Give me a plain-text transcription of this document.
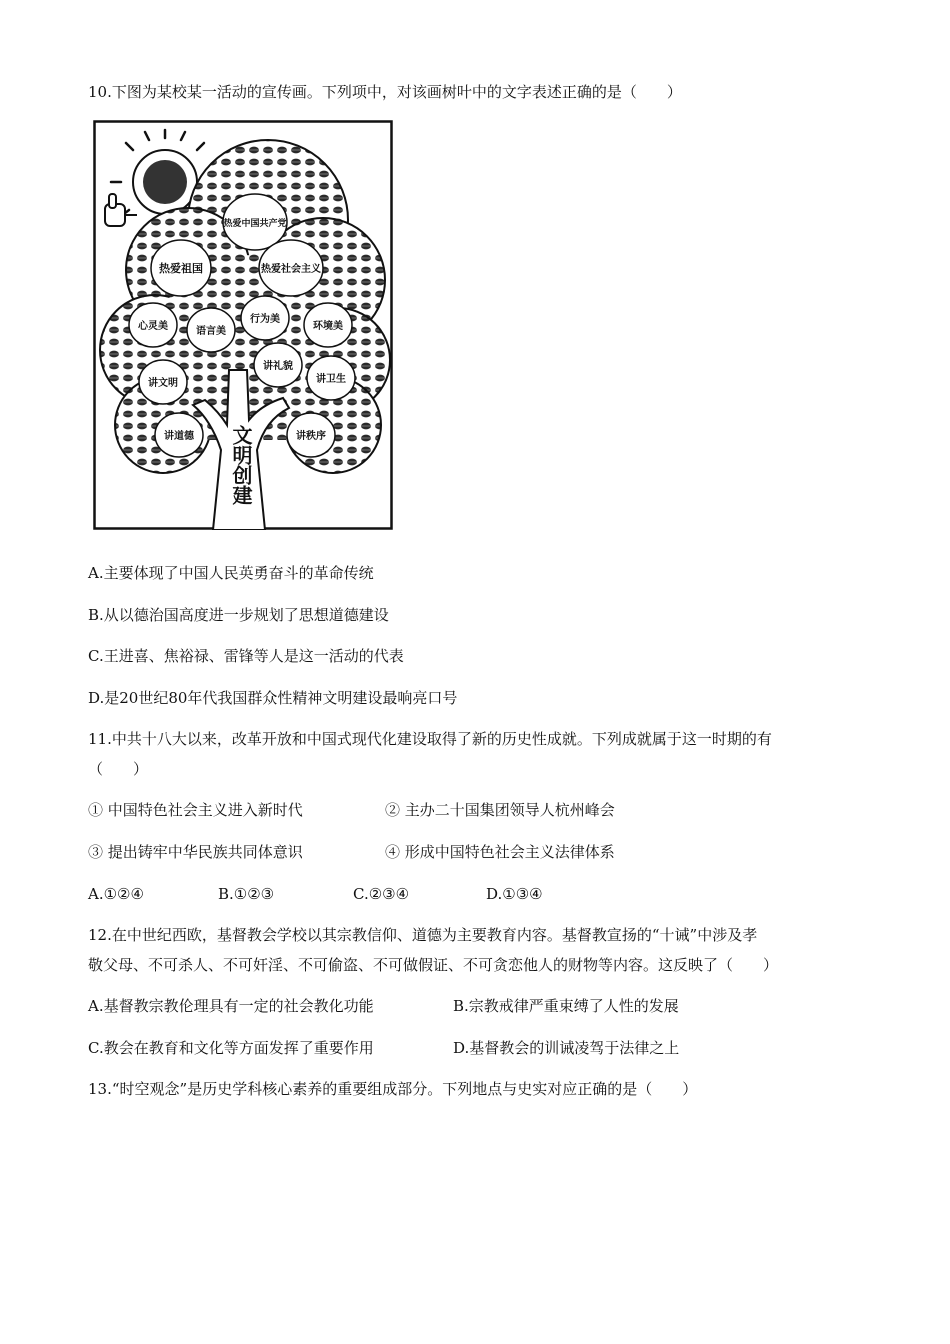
10.下图为某校某一活动的宣传画。下列项中，对该画树叶中的文字表述正确的是（　　）
文明创建
热爱中国共产党
热爱祖国	热爱社会主义
心灵美	语言美
行为美
环境美
讲文明
讲礼貌
讲卫生
讲道德	讲秩序
A.主要体现了中国人民英勇奋斗的革命传统
B.从以德治国高度进一步规划了思想道德建设
C.王进喜、焦裕禄、雷锋等人是这一活动的代表
D.是20世纪80年代我国群众性精神文明建设最响亮口号
11.中共十八大以来，改革开放和中国式现代化建设取得了新的历史性成就。下列成就属于这一时期的有
（　　）
① 中国特色社会主义进入新时代	② 主办二十国集团领导人杭州峰会
③ 提出铸牢中华民族共同体意识	④ 形成中国特色社会主义法律体系
A.①②④	B.①②③	C.②③④	D.①③④
12.在中世纪西欧，基督教会学校以其宗教信仰、道德为主要教育内容。基督教宣扬的“十诫”中涉及孝
敬父母、不可杀人、不可奸淫、不可偷盗、不可做假证、不可贪恋他人的财物等内容。这反映了（　　）
A.基督教宗教伦理具有一定的社会教化功能	B.宗教戒律严重束缚了人性的发展
C.教会在教育和文化等方面发挥了重要作用	D.基督教会的训诫凌驾于法律之上
13.“时空观念”是历史学科核心素养的重要组成部分。下列地点与史实对应正确的是（　　）
